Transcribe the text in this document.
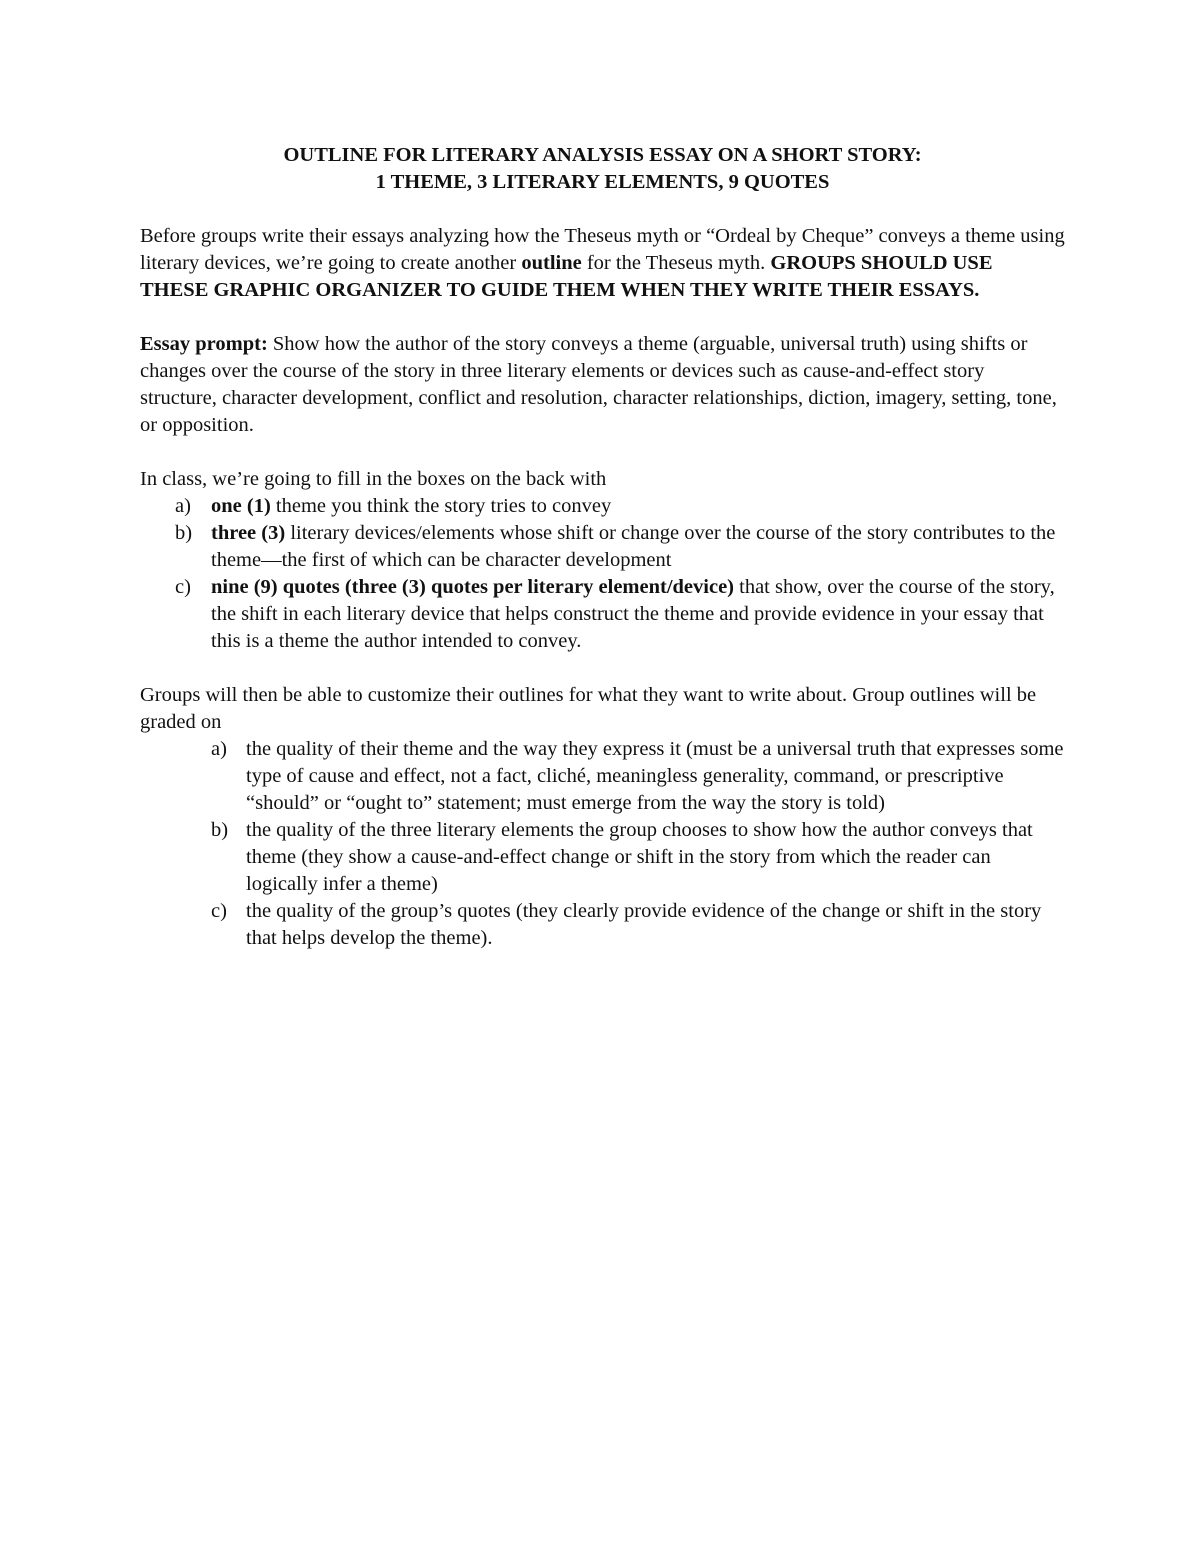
OUTLINE FOR LITERARY ANALYSIS ESSAY ON A SHORT STORY:
1 THEME, 3 LITERARY ELEMENTS, 9 QUOTES

Before groups write their essays analyzing how the Theseus myth or “Ordeal by Cheque” conveys a theme using literary devices, we’re going to create another outline for the Theseus myth. GROUPS SHOULD USE THESE GRAPHIC ORGANIZER TO GUIDE THEM WHEN THEY WRITE THEIR ESSAYS.

Essay prompt: Show how the author of the story conveys a theme (arguable, universal truth) using shifts or changes over the course of the story in three literary elements or devices such as cause-and-effect story structure, character development, conflict and resolution, character relationships, diction, imagery, setting, tone, or opposition.

In class, we’re going to fill in the boxes on the back with
a) one (1) theme you think the story tries to convey
b) three (3) literary devices/elements whose shift or change over the course of the story contributes to the theme—the first of which can be character development
c) nine (9) quotes (three (3) quotes per literary element/device) that show, over the course of the story, the shift in each literary device that helps construct the theme and provide evidence in your essay that this is a theme the author intended to convey.
Groups will then be able to customize their outlines for what they want to write about. Group outlines will be graded on
a) the quality of their theme and the way they express it (must be a universal truth that expresses some type of cause and effect, not a fact, cliché, meaningless generality, command, or prescriptive “should” or “ought to” statement; must emerge from the way the story is told)
b) the quality of the three literary elements the group chooses to show how the author conveys that theme (they show a cause-and-effect change or shift in the story from which the reader can logically infer a theme)
c) the quality of the group’s quotes (they clearly provide evidence of the change or shift in the story that helps develop the theme).
